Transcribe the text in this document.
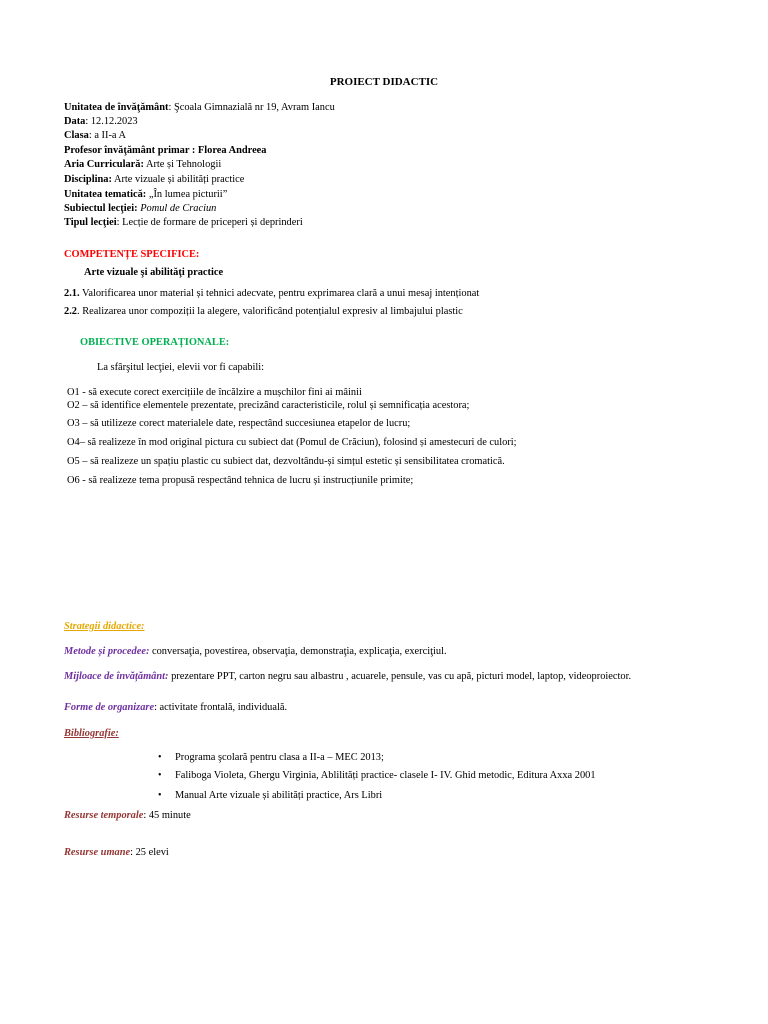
PROIECT DIDACTIC
Unitatea de învăţământ: Şcoala Gimnazială nr 19, Avram Iancu
Data: 12.12.2023
Clasa: a II-a A
Profesor învăţământ primar : Florea Andreea
Aria Curriculară: Arte și Tehnologii
Disciplina: Arte vizuale și abilități practice
Unitatea tematică: „În lumea picturii”
Subiectul lecţiei: Pomul de Craciun
Tipul lecţiei: Lecție de formare de priceperi și deprinderi
COMPETENȚE SPECIFICE:
Arte vizuale şi abilităţi practice
2.1. Valorificarea unor material și tehnici adecvate, pentru exprimarea clară a unui mesaj intenționat
2.2. Realizarea unor compoziții la alegere, valorificând potențialul expresiv al limbajului plastic
OBIECTIVE OPERAȚIONALE:
La sfârşitul lecţiei, elevii vor fi capabili:
O1 - să execute corect exercițiile de încălzire a mușchilor fini ai mâinii
O2 – să identifice elementele prezentate, precizând caracteristicile, rolul și semnificația acestora;
O3 – să utilizeze corect materialele date, respectând succesiunea etapelor de lucru;
O4– să realizeze în mod original pictura cu subiect dat (Pomul de Crăciun), folosind și amestecuri de culori;
O5 – să realizeze un spațiu plastic cu subiect dat, dezvoltându-și simțul estetic și sensibilitatea cromatică.
O6 - să realizeze tema propusă respectând tehnica de lucru și instrucțiunile primite;
Strategii didactice:
Metode și procedee: conversaţia, povestirea, observaţia, demonstraţia, explicaţia, exerciţiul.
Mijloace de învățământ: prezentare PPT, carton negru sau albastru , acuarele, pensule, vas cu apă, picturi model, laptop, videoproiector.
Forme de organizare: activitate frontală, individuală.
Bibliografie:
• Programa şcolară pentru clasa a II-a – MEC 2013;
• Faliboga Violeta, Ghergu Virginia, Ablilități practice- clasele I- IV. Ghid metodic, Editura Axxa 2001
• Manual Arte vizuale și abilități practice, Ars Libri
Resurse temporale: 45 minute
Resurse umane: 25 elevi
